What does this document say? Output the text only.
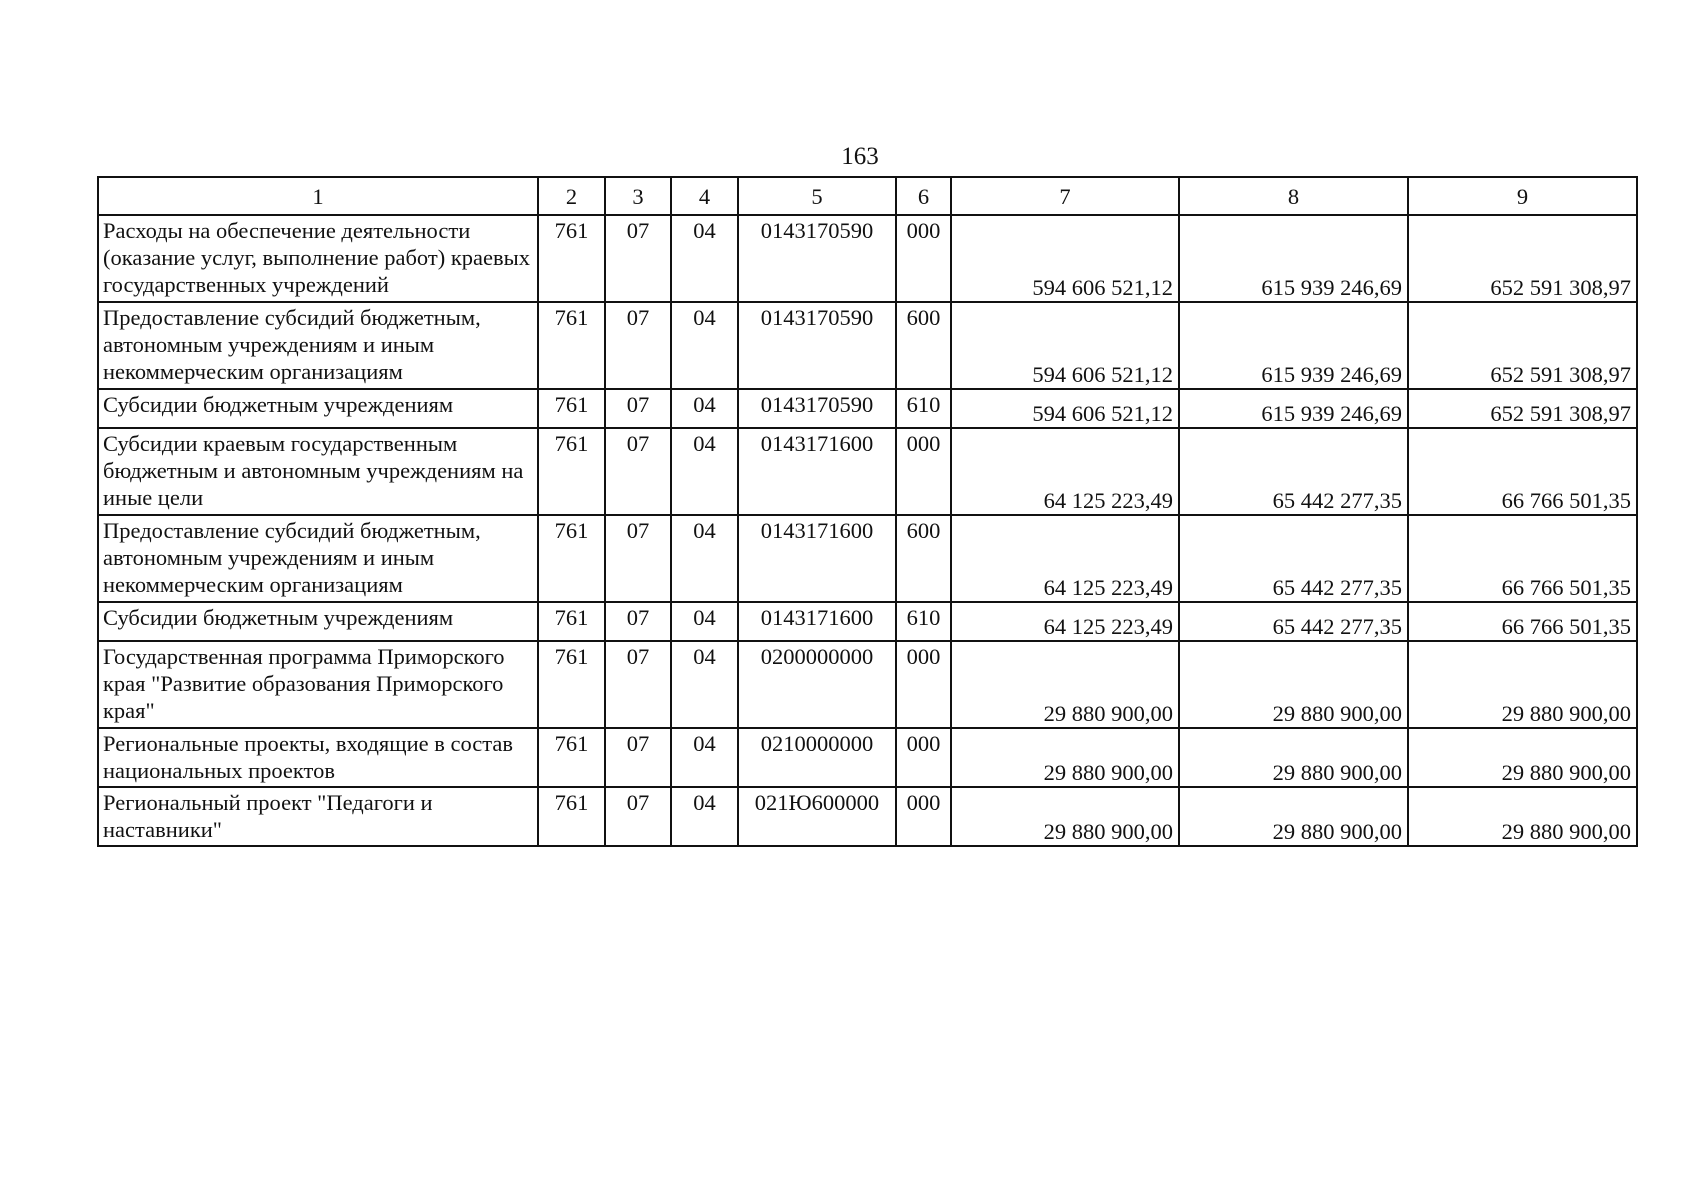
163
1	2	3	4	5	6	7	8	9
Расходы на обеспечение деятельности (оказание услуг, выполнение работ) краевых государственных учреждений	761	07	04	0143170590	000	594 606 521,12	615 939 246,69	652 591 308,97
Предоставление субсидий бюджетным, автономным учреждениям и иным некоммерческим организациям	761	07	04	0143170590	600	594 606 521,12	615 939 246,69	652 591 308,97
Субсидии бюджетным учреждениям	761	07	04	0143170590	610	594 606 521,12	615 939 246,69	652 591 308,97
Субсидии краевым государственным бюджетным и автономным учреждениям на иные цели	761	07	04	0143171600	000	64 125 223,49	65 442 277,35	66 766 501,35
Предоставление субсидий бюджетным, автономным учреждениям и иным некоммерческим организациям	761	07	04	0143171600	600	64 125 223,49	65 442 277,35	66 766 501,35
Субсидии бюджетным учреждениям	761	07	04	0143171600	610	64 125 223,49	65 442 277,35	66 766 501,35
Государственная программа Приморского края "Развитие образования Приморского края"	761	07	04	0200000000	000	29 880 900,00	29 880 900,00	29 880 900,00
Региональные проекты, входящие в состав национальных проектов	761	07	04	0210000000	000	29 880 900,00	29 880 900,00	29 880 900,00
Региональный проект "Педагоги и наставники"	761	07	04	021Ю600000	000	29 880 900,00	29 880 900,00	29 880 900,00
